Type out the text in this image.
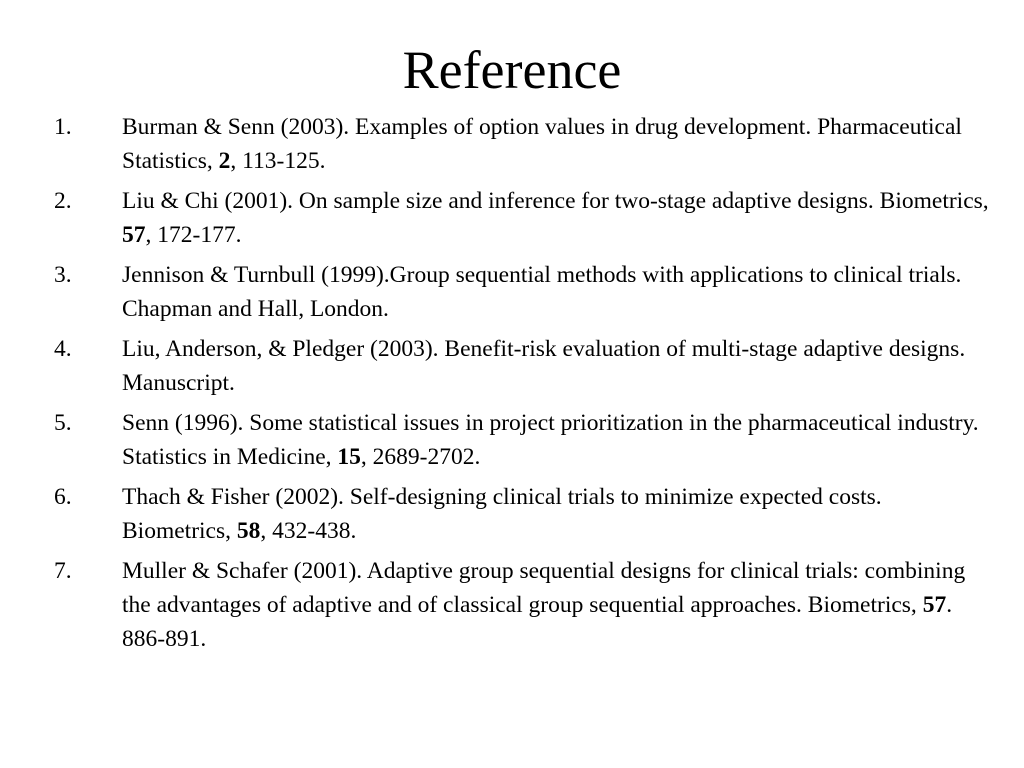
Reference
1. Burman & Senn (2003). Examples of option values in drug development. Pharmaceutical Statistics, 2, 113-125.
2. Liu & Chi (2001). On sample size and inference for two-stage adaptive designs. Biometrics, 57, 172-177.
3. Jennison & Turnbull (1999).Group sequential methods with applications to clinical trials. Chapman and Hall, London.
4. Liu, Anderson, & Pledger (2003). Benefit-risk evaluation of multi-stage adaptive designs. Manuscript.
5. Senn (1996). Some statistical issues in project prioritization in the pharmaceutical industry. Statistics in Medicine, 15, 2689-2702.
6. Thach & Fisher (2002). Self-designing clinical trials to minimize expected costs. Biometrics, 58, 432-438.
7. Muller & Schafer (2001). Adaptive group sequential designs for clinical trials: combining the advantages of adaptive and of classical group sequential approaches. Biometrics, 57. 886-891.
